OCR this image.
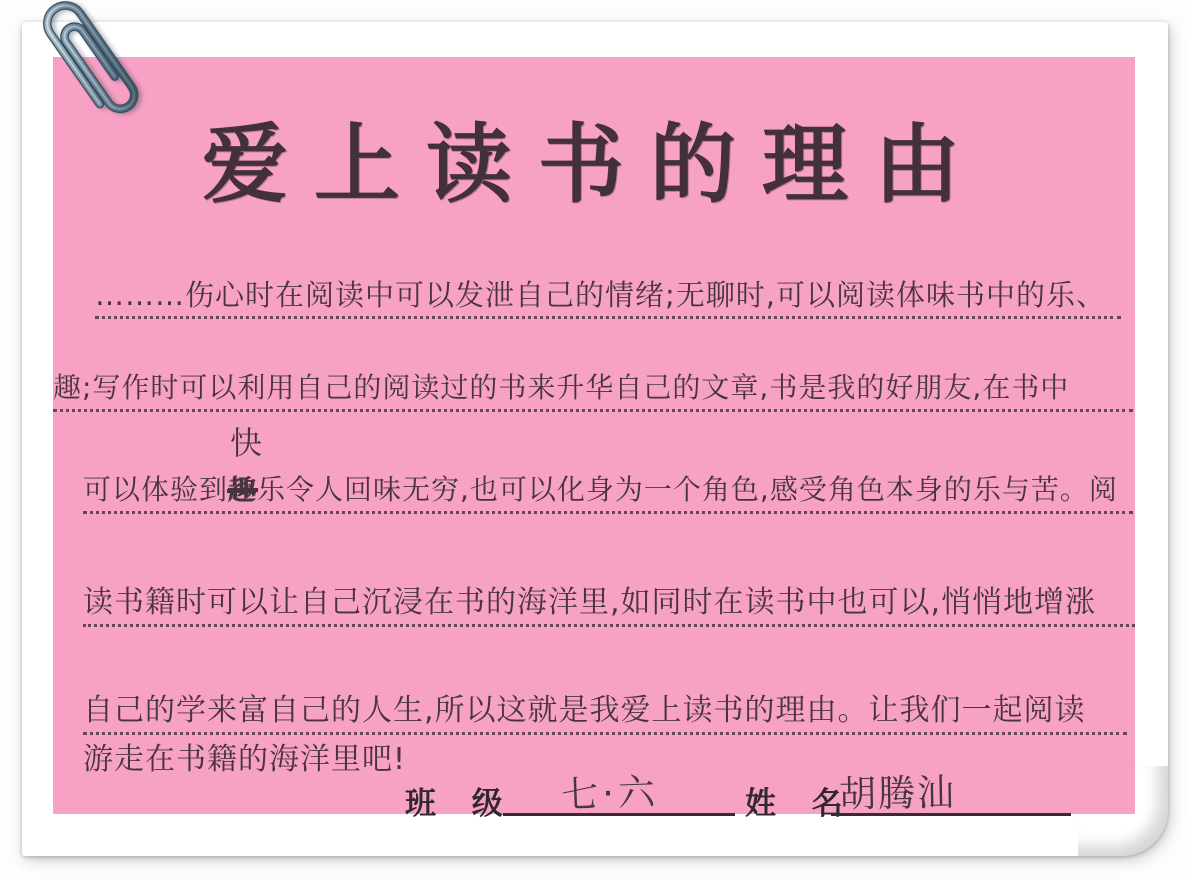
爱上读书的理由
………伤心时在阅读中可以发泄自己的情绪;无聊时,可以阅读体味书中的乐、
趣;写作时可以利用自己的阅读过的书来升华自己的文章,书是我的好朋友,在书中
可以体验到
快
趣乐令人回味无穷,也可以化身为一个角色,感受角色本身的乐与苦。阅
读书籍时可以让自己沉浸在书的海洋里,如同时在读书中也可以,悄悄地增涨
自己的学来富自己的人生,所以这就是我爱上读书的理由。让我们一起阅读
游走在书籍的海洋里吧!
班 级 七·六	姓 名
胡腾汕
